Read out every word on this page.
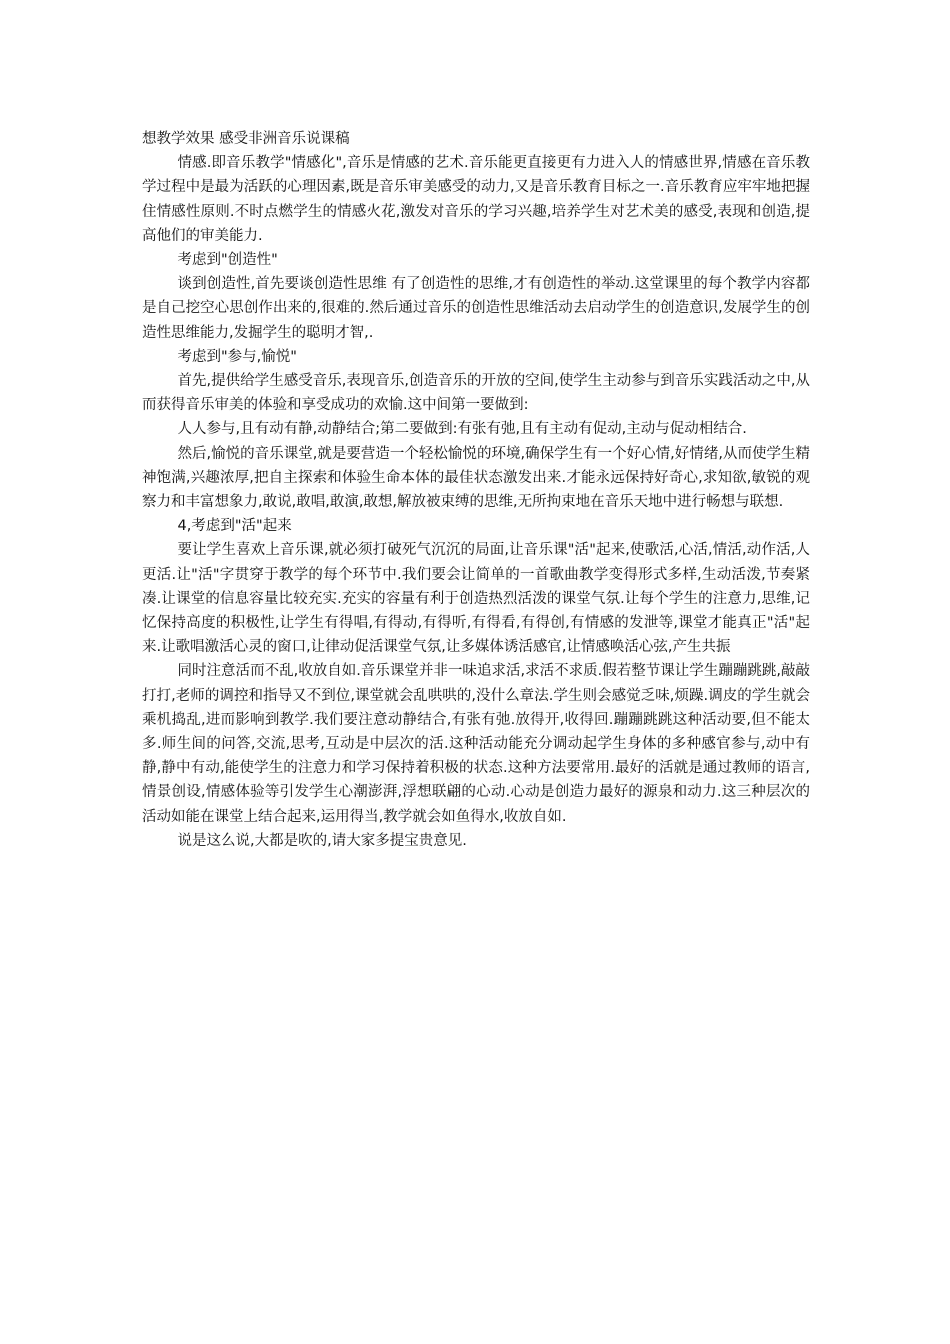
想教学效果 感受非洲音乐说课稿

情感.即音乐教学"情感化",音乐是情感的艺术.音乐能更直接更有力进入人的情感世界,情感在音乐教学过程中是最为活跃的心理因素,既是音乐审美感受的动力,又是音乐教育目标之一.音乐教育应牢牢地把握住情感性原则.不时点燃学生的情感火花,激发对音乐的学习兴趣,培养学生对艺术美的感受,表现和创造,提高他们的审美能力.

考虑到"创造性"

谈到创造性,首先要谈创造性思维 有了创造性的思维,才有创造性的举动.这堂课里的每个教学内容都是自己挖空心思创作出来的,很难的.然后通过音乐的创造性思维活动去启动学生的创造意识,发展学生的创造性思维能力,发掘学生的聪明才智,.

考虑到"参与,愉悦"

首先,提供给学生感受音乐,表现音乐,创造音乐的开放的空间,使学生主动参与到音乐实践活动之中,从而获得音乐审美的体验和享受成功的欢愉.这中间第一要做到:

人人参与,且有动有静,动静结合;第二要做到:有张有弛,且有主动有促动,主动与促动相结合.

然后,愉悦的音乐课堂,就是要营造一个轻松愉悦的环境,确保学生有一个好心情,好情绪,从而使学生精神饱满,兴趣浓厚,把自主探索和体验生命本体的最佳状态激发出来.才能永远保持好奇心,求知欲,敏锐的观察力和丰富想象力,敢说,敢唱,敢演,敢想,解放被束缚的思维,无所拘束地在音乐天地中进行畅想与联想.

4,考虑到"活"起来

要让学生喜欢上音乐课,就必须打破死气沉沉的局面,让音乐课"活"起来,使歌活,心活,情活,动作活,人更活.让"活"字贯穿于教学的每个环节中.我们要会让简单的一首歌曲教学变得形式多样,生动活泼,节奏紧凑.让课堂的信息容量比较充实.充实的容量有利于创造热烈活泼的课堂气氛.让每个学生的注意力,思维,记忆保持高度的积极性,让学生有得唱,有得动,有得听,有得看,有得创,有情感的发泄等,课堂才能真正"活"起来.让歌唱激活心灵的窗口,让律动促活课堂气氛,让多媒体诱活感官,让情感唤活心弦,产生共振

同时注意活而不乱,收放自如.音乐课堂并非一味追求活,求活不求质.假若整节课让学生蹦蹦跳跳,敲敲打打,老师的调控和指导又不到位,课堂就会乱哄哄的,没什么章法.学生则会感觉乏味,烦躁.调皮的学生就会乘机捣乱,进而影响到教学.我们要注意动静结合,有张有弛.放得开,收得回.蹦蹦跳跳这种活动要,但不能太多.师生间的问答,交流,思考,互动是中层次的活.这种活动能充分调动起学生身体的多种感官参与,动中有静,静中有动,能使学生的注意力和学习保持着积极的状态.这种方法要常用.最好的活就是通过教师的语言,情景创设,情感体验等引发学生心潮澎湃,浮想联翩的心动.心动是创造力最好的源泉和动力.这三种层次的活动如能在课堂上结合起来,运用得当,教学就会如鱼得水,收放自如.

说是这么说,大都是吹的,请大家多提宝贵意见.
